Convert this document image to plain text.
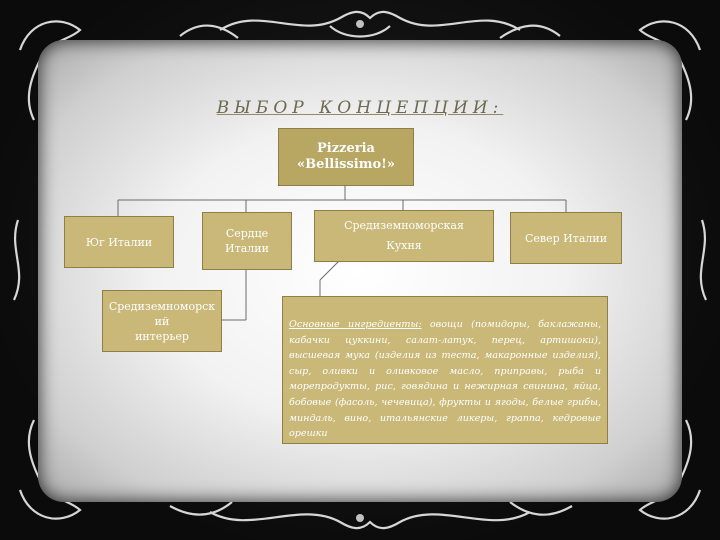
ВЫБОР КОНЦЕПЦИИ:
Pizzeria
«Bellissimo!»
Юг Италии
Сердце
Италии
Средиземноморская
Кухня
Север Италии
Средиземноморск
ий
интерьер
Основные ингредиенты: овощи (помидоры, баклажаны, кабачки цуккини, салат-латук, перец, артишоки), высшевая мука (изделия из теста, макаронные изделия), сыр, оливки и оливковое масло, приправы, рыба и морепродукты, рис, говядина и нежирная свинина, яйца, бобовые (фасоль, чечевица), фрукты и ягоды, белые грибы, миндаль, вино, итальянские ликеры, граппа, кедровые орешки
